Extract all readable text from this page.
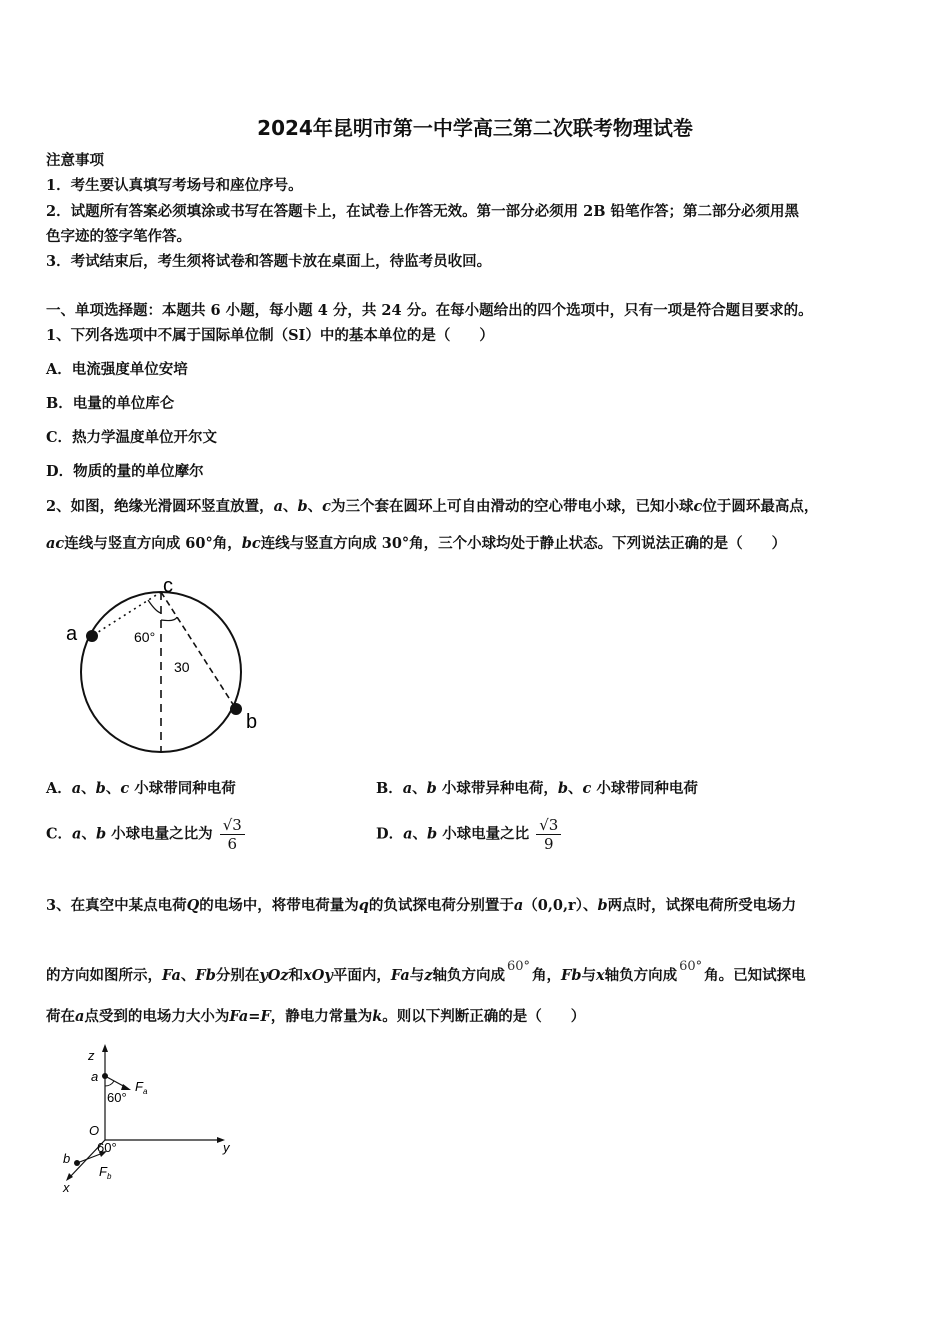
2024年昆明市第一中学高三第二次联考物理试卷
注意事项
1．考生要认真填写考场号和座位序号。
2．试题所有答案必须填涂或书写在答题卡上，在试卷上作答无效。第一部分必须用 2B 铅笔作答；第二部分必须用黑
色字迹的签字笔作答。
3．考试结束后，考生须将试卷和答题卡放在桌面上，待监考员收回。
一、单项选择题：本题共 6 小题，每小题 4 分，共 24 分。在每小题给出的四个选项中，只有一项是符合题目要求的。
1、下列各选项中不属于国际单位制（SI）中的基本单位的是（　　）
A．电流强度单位安培
B．电量的单位库仑
C．热力学温度单位开尔文
D．物质的量的单位摩尔
2、如图，绝缘光滑圆环竖直放置，a、b、c为三个套在圆环上可自由滑动的空心带电小球，已知小球c位于圆环最高点，
ac连线与竖直方向成 60°角，bc连线与竖直方向成 30°角，三个小球均处于静止状态。下列说法正确的是（　　）
a
b
c
60°
30
A．a、b、c 小球带同种电荷	B．a、b 小球带异种电荷，b、c 小球带同种电荷
C．a、b 小球电量之比为 $\frac{√3}{6}$	D．a、b 小球电量之比 $\frac{√3}{9}$
3、在真空中某点电荷Q的电场中，将带电荷量为q的负试探电荷分别置于a（0,0,r）、b两点时，试探电荷所受电场力
的方向如图所示，Fa、Fb分别在yOz和xOy平面内，Fa与z轴负方向成60°角，Fb与x轴负方向成60°角。已知试探电
荷在a点受到的电场力大小为Fa=F，静电力常量为k。则以下判断正确的是（　　）
z
y
x
O
a
b
60°
60°
$F_a$
$F_b$
